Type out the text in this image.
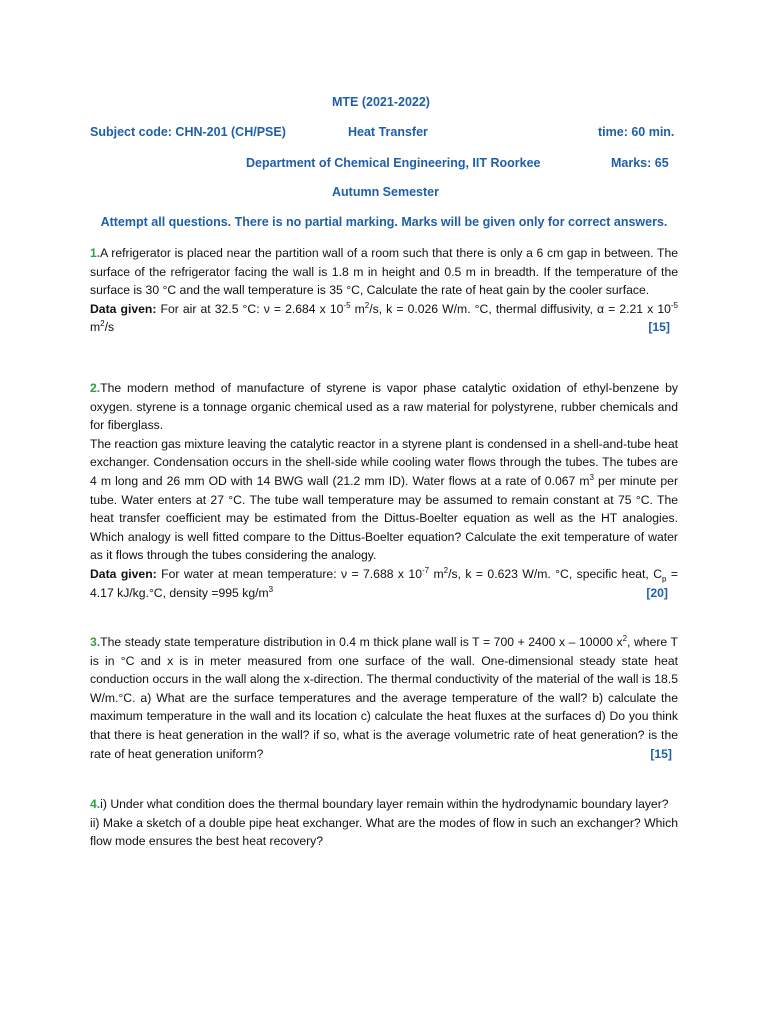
MTE (2021-2022)
Subject code: CHN-201 (CH/PSE)	Heat Transfer	time: 60 min.
Department of Chemical Engineering, IIT Roorkee	Marks: 65
Autumn Semester
Attempt all questions. There is no partial marking. Marks will be given only for correct answers.

1.A refrigerator is placed near the partition wall of a room such that there is only a 6 cm gap in between. The surface of the refrigerator facing the wall is 1.8 m in height and 0.5 m in breadth. If the temperature of the surface is 30 °C and the wall temperature is 35 °C, Calculate the rate of heat gain by the cooler surface.

Data given: For air at 32.5 °C: ν = 2.684 x $10^{-5}$ $m^2/s$, k = 0.026 W/m. °C, thermal diffusivity, α = 2.21 x $10^{-5}$ $m^2/s$	[15]

2.The modern method of manufacture of styrene is vapor phase catalytic oxidation of ethyl-benzene by oxygen. styrene is a tonnage organic chemical used as a raw material for polystyrene, rubber chemicals and for fiberglass.

The reaction gas mixture leaving the catalytic reactor in a styrene plant is condensed in a shell-and-tube heat exchanger. Condensation occurs in the shell-side while cooling water flows through the tubes. The tubes are 4 m long and 26 mm OD with 14 BWG wall (21.2 mm ID). Water flows at a rate of 0.067 $m^3$ per minute per tube. Water enters at 27 °C. The tube wall temperature may be assumed to remain constant at 75 °C. The heat transfer coefficient may be estimated from the Dittus-Boelter equation as well as the HT analogies. Which analogy is well fitted compare to the Dittus-Boelter equation? Calculate the exit temperature of water as it flows through the tubes considering the analogy.

Data given: For water at mean temperature: ν = 7.688 x $10^{-7}$ $m^2/s$, k = 0.623 W/m. °C, specific heat, $C_p = 4.17$ kJ/kg.°C, density =995 $kg/m^3$	[20]

3.The steady state temperature distribution in 0.4 m thick plane wall is T = 700 + 2400 x – 10000 $x^2$, where T is in °C and x is in meter measured from one surface of the wall. One-dimensional steady state heat conduction occurs in the wall along the x-direction. The thermal conductivity of the material of the wall is 18.5 W/m.°C. a) What are the surface temperatures and the average temperature of the wall? b) calculate the maximum temperature in the wall and its location c) calculate the heat fluxes at the surfaces d) Do you think that there is heat generation in the wall? if so, what is the average volumetric rate of heat generation? is the rate of heat generation uniform?	[15]

4.i) Under what condition does the thermal boundary layer remain within the hydrodynamic boundary layer?

ii) Make a sketch of a double pipe heat exchanger. What are the modes of flow in such an exchanger? Which flow mode ensures the best heat recovery?
